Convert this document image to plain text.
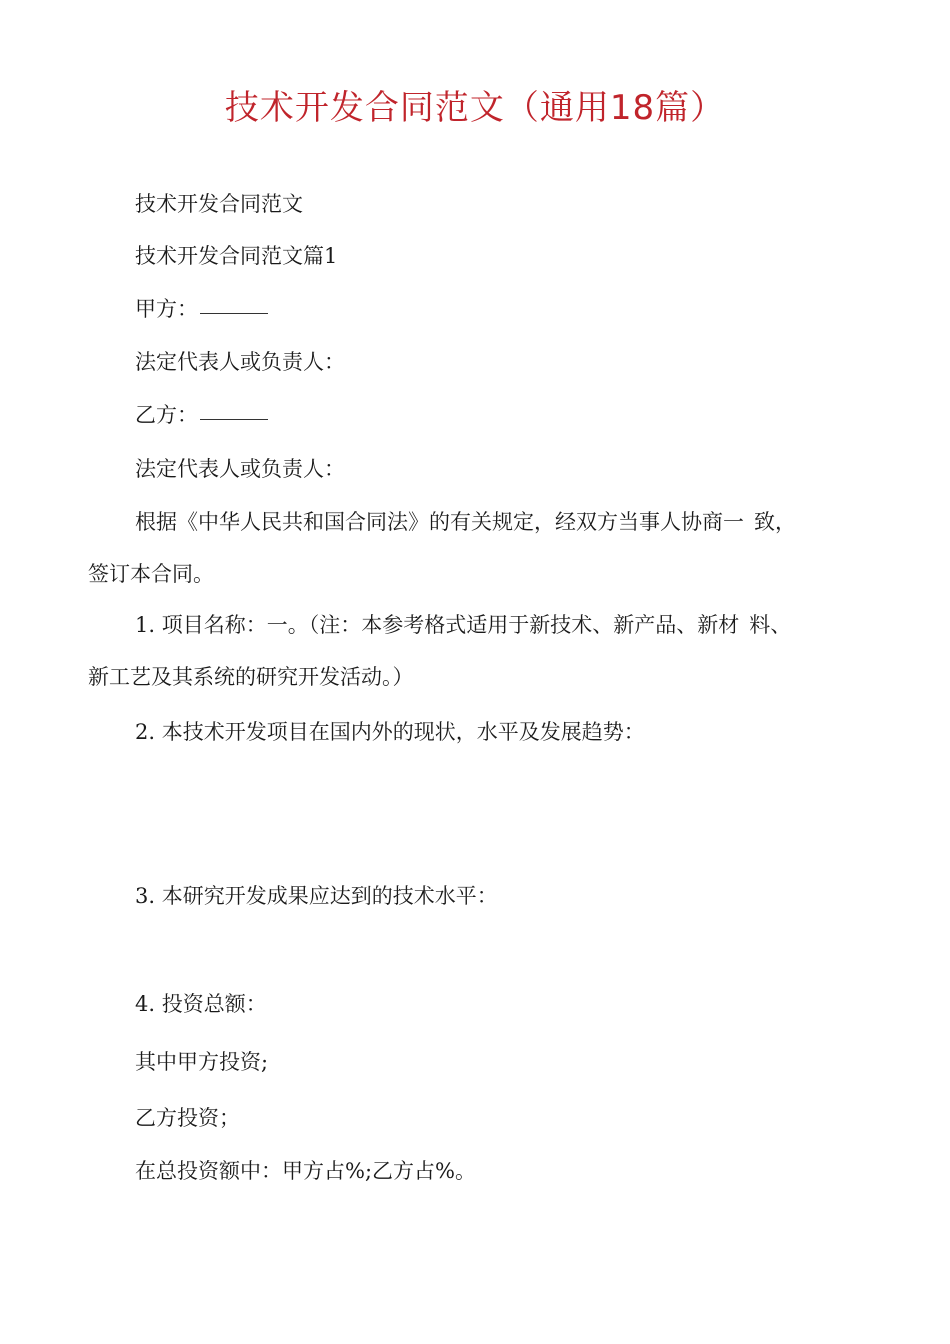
技术开发合同范文（通用18篇）
技术开发合同范文
技术开发合同范文篇1
甲方：
法定代表人或负责人：
乙方：
法定代表人或负责人：
根据《中华人民共和国合同法》的有关规定，经双方当事人协商一 致，
签订本合同。
1. 项目名称：一。（注：本参考格式适用于新技术、新产品、新材 料、
新工艺及其系统的研究开发活动。）
2. 本技术开发项目在国内外的现状，水平及发展趋势：
3. 本研究开发成果应达到的技术水平：
4. 投资总额：
其中甲方投资;
乙方投资；
在总投资额中：甲方占%;乙方占%。
